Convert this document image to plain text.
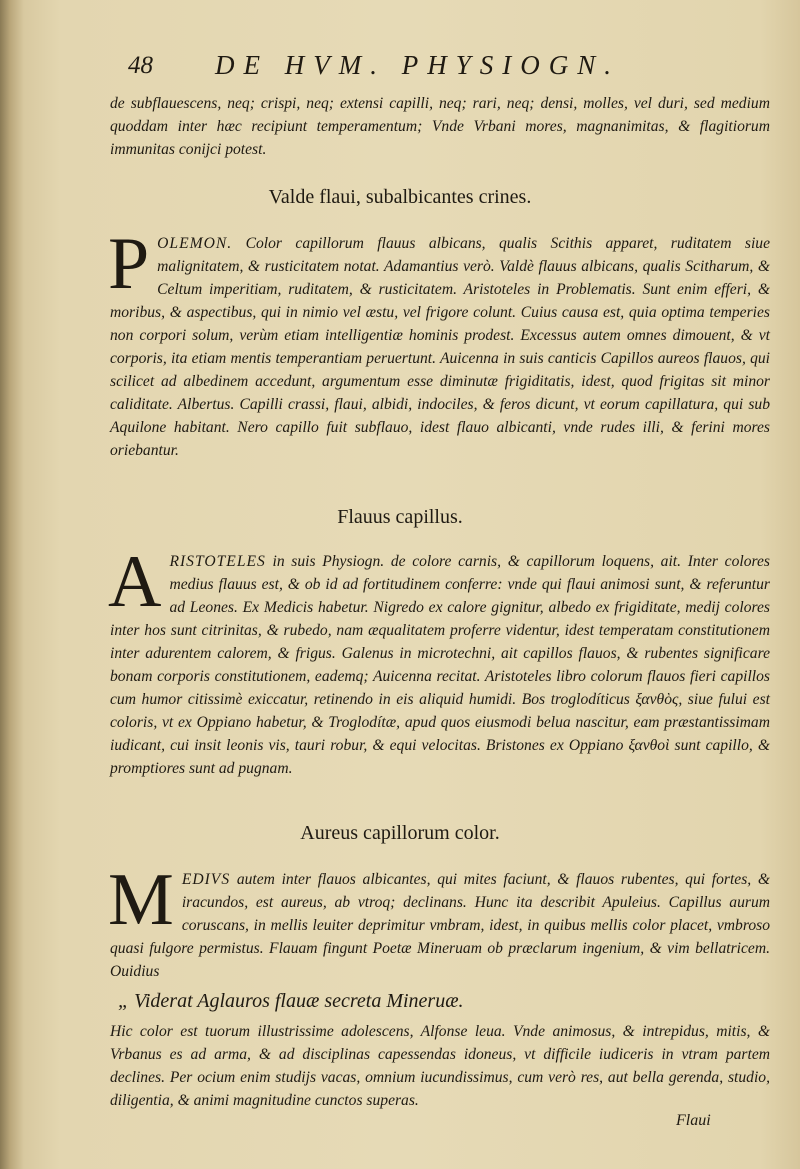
48 DE HVM. PHYSIOGN.
de subflauescens, neq; crispi, neq; extensi capilli, neq; rari, neq; densi, molles, vel duri, sed medium quoddam inter hæc recipiunt temperamentum; Vnde Vrbani mores, magnanimitas, & flagitiorum immunitas conijci potest.
Valde flaui, subalbicantes crines.
P OLEMON. Color capillorum flauus albicans, qualis Scithis apparet, ruditatem siue malignitatem, & rusticitatem notat. Adamantius verò. Valdè flauus albicans, qualis Scitharum, & Celtum imperitiam, ruditatem, & rusticitatem. Aristoteles in Problematis. Sunt enim efferi, & moribus, & aspectibus, qui in nimio vel æstu, vel frigore colunt. Cuius causa est, quia optima temperies non corpori solum, verùm etiam intelligentiæ hominis prodest. Excessus autem omnes dimouent, & vt corporis, ita etiam mentis temperantiam peruertunt. Auicenna in suis canticis Capillos aureos flauos, qui scilicet ad albedinem accedunt, argumentum esse diminutæ frigiditatis, idest, quod frigitas sit minor caliditate. Albertus. Capilli crassi, flaui, albidi, indociles, & feros dicunt, vt eorum capillatura, qui sub Aquilone habitant. Nero capillo fuit subflauo, idest flauo albicanti, vnde rudes illi, & ferini mores oriebantur.
Flauus capillus.
A RISTOTELES in suis Physiogn. de colore carnis, & capillorum loquens, ait. Inter colores medius flauus est, & ob id ad fortitudinem conferre: vnde qui flaui animosi sunt, & referuntur ad Leones. Ex Medicis habetur. Nigredo ex calore gignitur, albedo ex frigiditate, medij colores inter hos sunt citrinitas, & rubedo, nam æqualitatem proferre videntur, idest temperatam constitutionem inter adurentem calorem, & frigus. Galenus in microtechni, ait capillos flauos, & rubentes significare bonam corporis constitutionem, eademq; Auicenna recitat. Aristoteles libro colorum flauos fieri capillos cum humor citissimè exiccatur, retinendo in eis aliquid humidi. Bos troglodíticus ξανθὸς, siue fului est coloris, vt ex Oppiano habetur, & Troglodítæ, apud quos eiusmodi belua nascitur, eam præstantissimam iudicant, cui insit leonis vis, tauri robur, & equi velocitas. Bristones ex Oppiano ξανθοὶ sunt capillo, & promptiores sunt ad pugnam.
Aureus capillorum color.
M EDIVS autem inter flauos albicantes, qui mites faciunt, & flauos rubentes, qui fortes, & iracundos, est aureus, ab vtroq; declinans. Hunc ita describit Apuleius. Capillus aurum coruscans, in mellis leuiter deprimitur vmbram, idest, in quibus mellis color placet, vmbroso quasi fulgore permistus. Flauam fingunt Poetæ Mineruam ob præclarum ingenium, & vim bellatricem. Ouidius
„ Viderat Aglauros flauæ secreta Mineruæ.
Hic color est tuorum illustrissime adolescens, Alfonse leua. Vnde animosus, & intrepidus, mitis, & Vrbanus es ad arma, & ad disciplinas capessendas idoneus, vt difficile iudiceris in vtram partem declines. Per ocium enim studijs vacas, omnium iucundissimus, cum verò res, aut bella gerenda, studio, diligentia, & animi magnitudine cunctos superas.
Flaui
